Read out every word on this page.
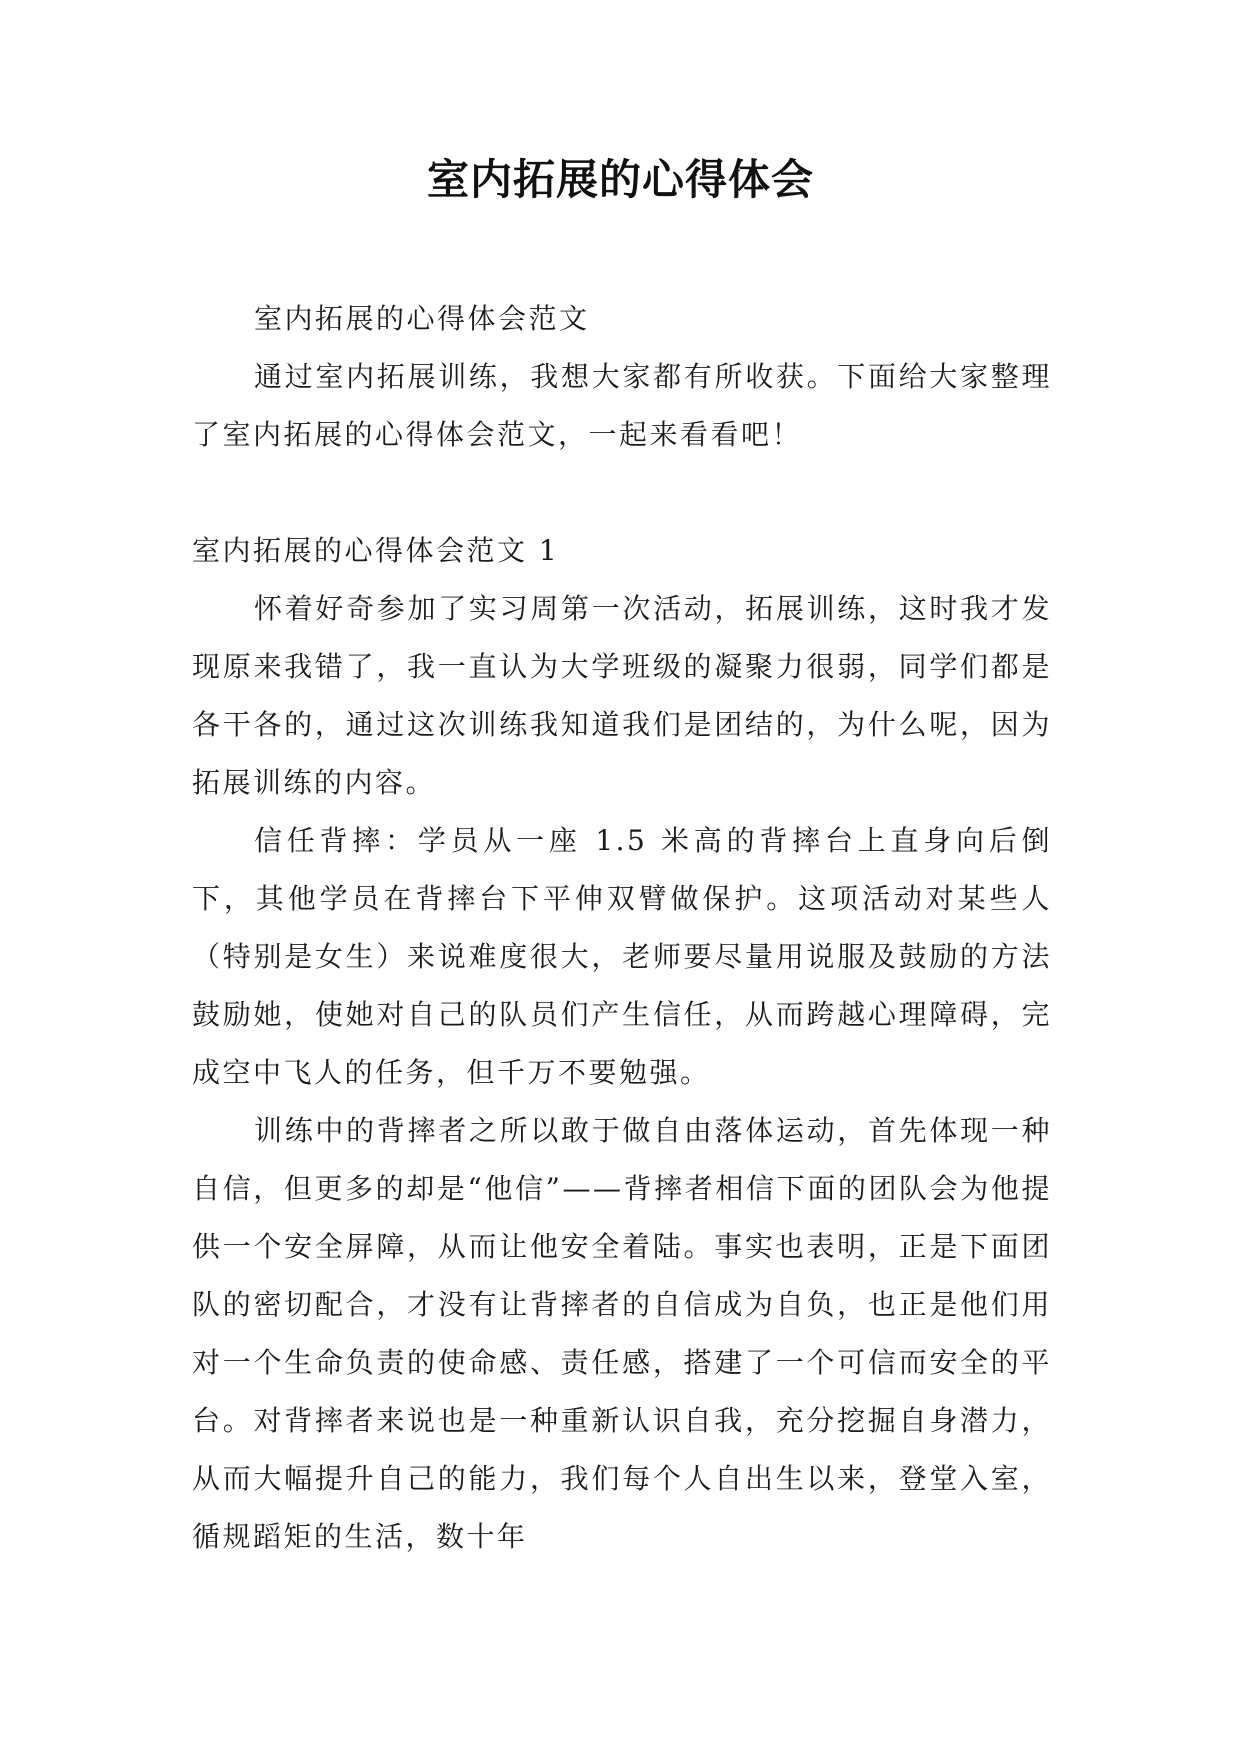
室内拓展的心得体会

室内拓展的心得体会范文

通过室内拓展训练，我想大家都有所收获。下面给大家整理了室内拓展的心得体会范文，一起来看看吧！

室内拓展的心得体会范文 1

怀着好奇参加了实习周第一次活动，拓展训练，这时我才发现原来我错了，我一直认为大学班级的凝聚力很弱，同学们都是各干各的，通过这次训练我知道我们是团结的，为什么呢，因为拓展训练的内容。

信任背摔：学员从一座 1.5 米高的背摔台上直身向后倒下，其他学员在背摔台下平伸双臂做保护。这项活动对某些人（特别是女生）来说难度很大，老师要尽量用说服及鼓励的方法鼓励她，使她对自己的队员们产生信任，从而跨越心理障碍，完成空中飞人的任务，但千万不要勉强。

训练中的背摔者之所以敢于做自由落体运动，首先体现一种自信，但更多的却是“他信”——背摔者相信下面的团队会为他提供一个安全屏障，从而让他安全着陆。事实也表明，正是下面团队的密切配合，才没有让背摔者的自信成为自负，也正是他们用对一个生命负责的使命感、责任感，搭建了一个可信而安全的平台。对背摔者来说也是一种重新认识自我，充分挖掘自身潜力，从而大幅提升自己的能力，我们每个人自出生以来，登堂入室，循规蹈矩的生活，数十年
